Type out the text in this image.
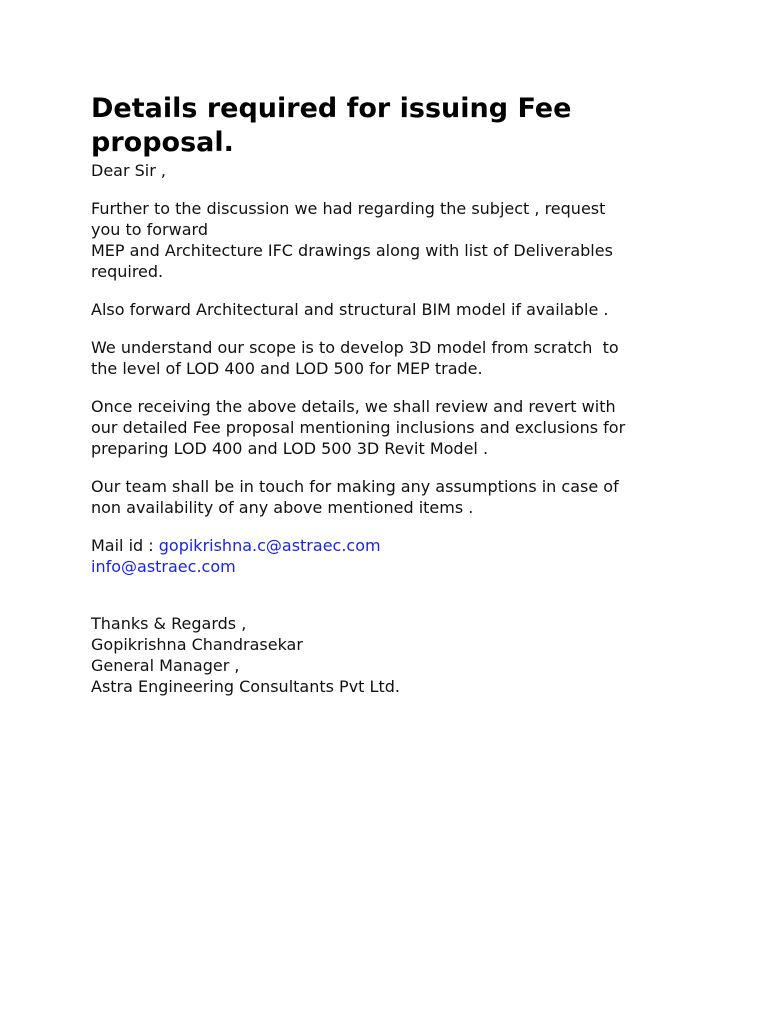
Details required for issuing Fee
proposal.
Dear Sir ,

Further to the discussion we had regarding the subject , request
you to forward
MEP and Architecture IFC drawings along with list of Deliverables
required.

Also forward Architectural and structural BIM model if available .

We understand our scope is to develop 3D model from scratch  to
the level of LOD 400 and LOD 500 for MEP trade.

Once receiving the above details, we shall review and revert with
our detailed Fee proposal mentioning inclusions and exclusions for
preparing LOD 400 and LOD 500 3D Revit Model .

Our team shall be in touch for making any assumptions in case of
non availability of any above mentioned items .

Mail id : gopikrishna.c@astraec.com
info@astraec.com
Thanks & Regards ,
Gopikrishna Chandrasekar
General Manager ,
Astra Engineering Consultants Pvt Ltd.
